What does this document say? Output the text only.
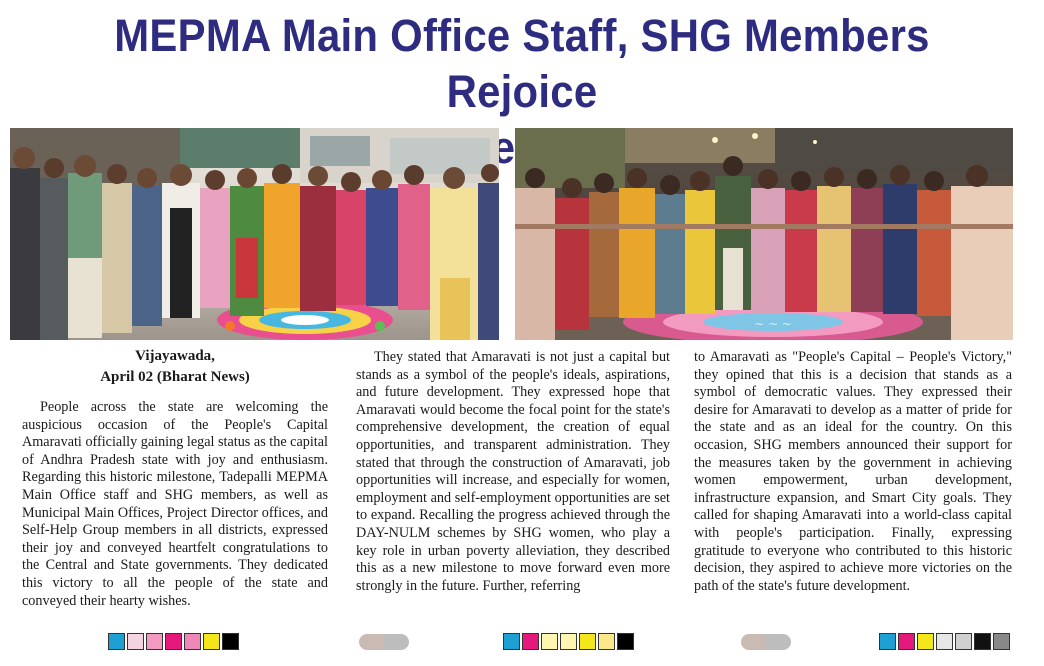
MEPMA Main Office Staff, SHG Members Rejoice
~ ~ ~
Vijayawada,
April 02 (Bharat News)

People across the state are welcoming the auspicious occasion of the People's Capital Amaravati officially gaining legal status as the capital of Andhra Pradesh state with joy and enthusiasm. Regarding this historic milestone, Tadepalli MEPMA Main Office staff and SHG members, as well as Municipal Main Offices, Project Director offices, and Self-Help Group members in all districts, expressed their joy and conveyed heartfelt congratulations to the Central and State governments. They dedicated this victory to all the people of the state and conveyed their hearty wishes.

They stated that Amaravati is not just a capital but stands as a symbol of the people's ideals, aspirations, and future development. They expressed hope that Amaravati would become the focal point for the state's comprehensive development, the creation of equal opportunities, and transparent administration. They stated that through the construction of Amaravati, job opportunities will increase, and especially for women, employment and self-employment opportunities are set to expand. Recalling the progress achieved through the DAY-NULM schemes by SHG women, who play a key role in urban poverty alleviation, they described this as a new milestone to move forward even more strongly in the future. Further, referring

to Amaravati as "People's Capital – People's Victory," they opined that this is a decision that stands as a symbol of democratic values. They expressed their desire for Amaravati to develop as a matter of pride for the state and as an ideal for the country. On this occasion, SHG members announced their support for the measures taken by the government in achieving women empowerment, urban development, infrastructure expansion, and Smart City goals. They called for shaping Amaravati into a world-class capital with people's participation. Finally, expressing gratitude to everyone who contributed to this historic decision, they aspired to achieve more victories on the path of the state's future development.
